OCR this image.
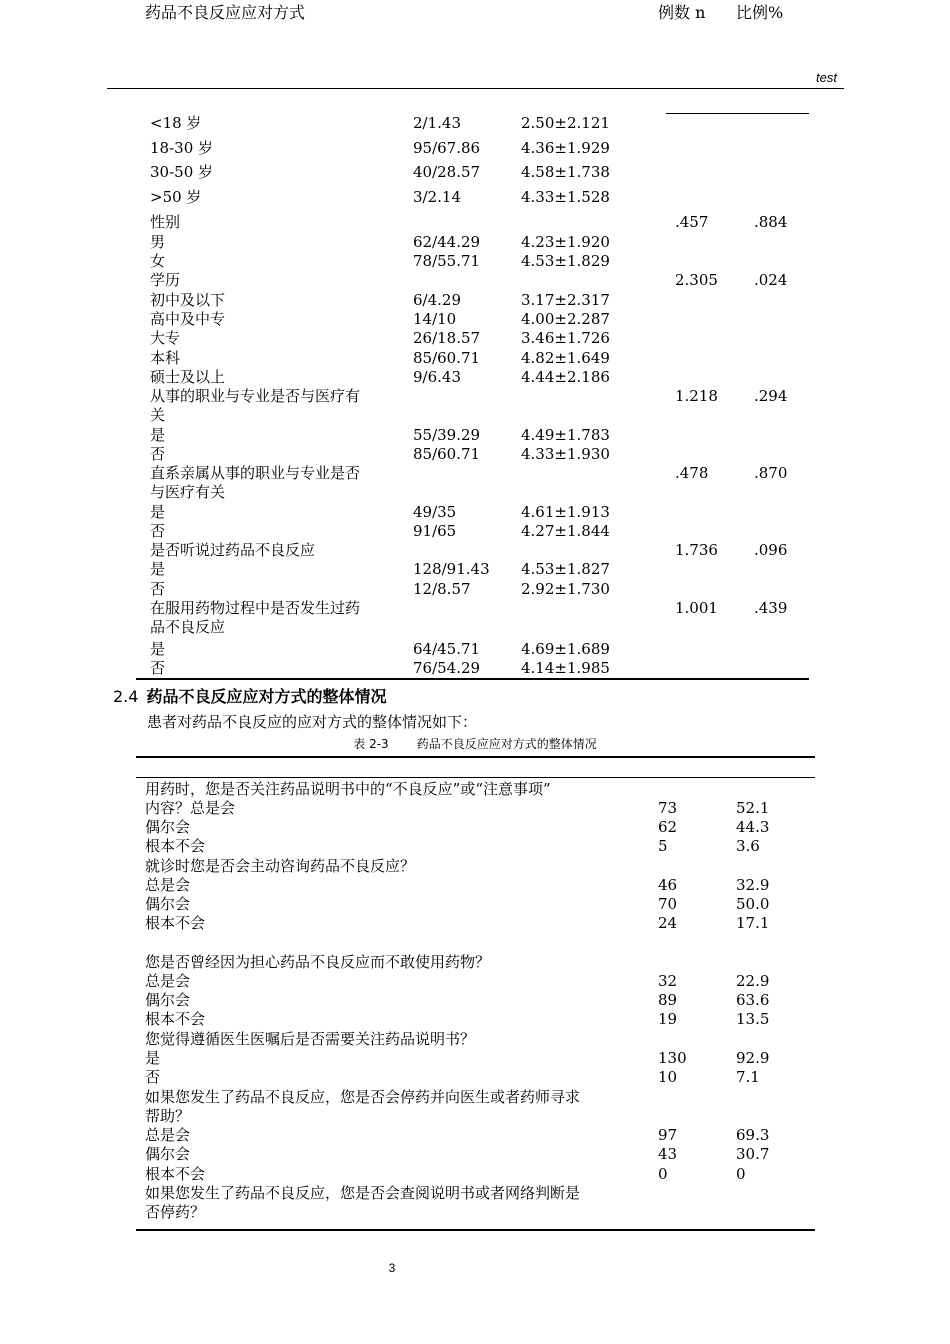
test
<18 岁	2/1.43	2.50±2.121
18-30 岁	95/67.86	4.36±1.929
30-50 岁	40/28.57	4.58±1.738
>50 岁	3/2.14	4.33±1.528
性别	.457	.884
男	62/44.29	4.23±1.920
女	78/55.71	4.53±1.829
学历	2.305 .024
初中及以下	6/4.29	3.17±2.317
高中及中专	14/10	4.00±2.287
大专	26/18.57	3.46±1.726
本科	85/60.71	4.82±1.649
硕士及以上	9/6.43	4.44±2.186
从事的职业与专业是否与医疗有	1.218 .294
关
是	55/39.29	4.49±1.783
否	85/60.71	4.33±1.930
直系亲属从事的职业与专业是否	.478	.870
与医疗有关
是	49/35	4.61±1.913
否	91/65	4.27±1.844
是否听说过药品不良反应	1.736 .096
是	128/91.43 4.53±1.827
否	12/8.57	2.92±1.730
在服用药物过程中是否发生过药	1.001 .439
品不良反应
是	64/45.71	4.69±1.689
否	76/54.29	4.14±1.985
2.4 药品不良反应应对方式的整体情况
患者对药品不良反应的应对方式的整体情况如下：
表 2-3 药品不良反应应对方式的整体情况
药品不良反应应对方式	例数 n 比例%
用药时，您是否关注药品说明书中的“不良反应”或“注意事项”
内容？总是会	73	52.1
偶尔会	62	44.3
根本不会	5	3.6
就诊时您是否会主动咨询药品不良反应？
总是会	46	32.9
偶尔会	70	50.0
根本不会	24	17.1
您是否曾经因为担心药品不良反应而不敢使用药物？
总是会	32	22.9
偶尔会	89	63.6
根本不会	19	13.5
您觉得遵循医生医嘱后是否需要关注药品说明书？
是	130	92.9
否	10	7.1
如果您发生了药品不良反应，您是否会停药并向医生或者药师寻求
帮助？
总是会	97	69.3
偶尔会	43	30.7
根本不会	0	0
如果您发生了药品不良反应，您是否会查阅说明书或者网络判断是
否停药？
3
